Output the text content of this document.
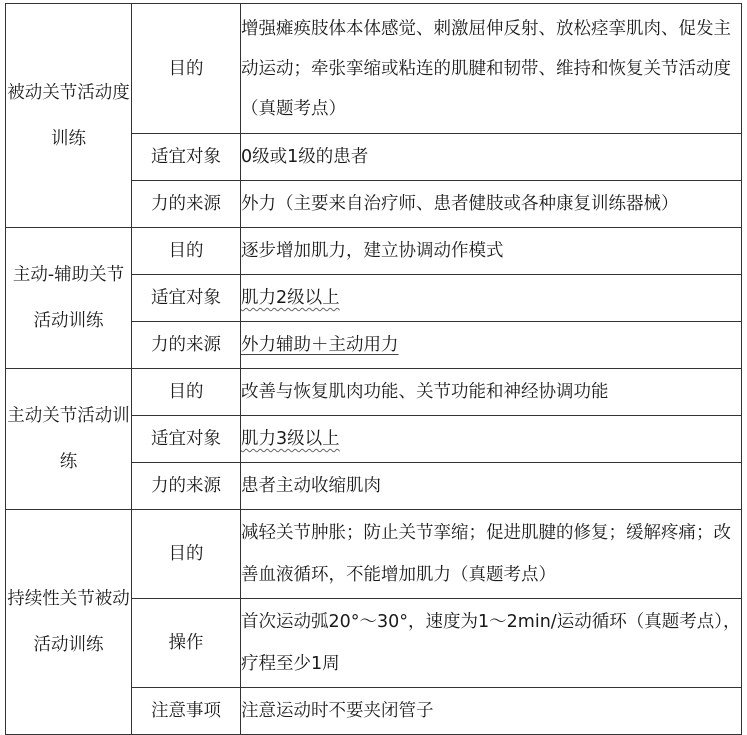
被动关节活动度训练	目的	增强瘫痪肢体本体感觉、刺激屈伸反射、放松痉挛肌肉、促发主动运动；牵张挛缩或粘连的肌腱和韧带、维持和恢复关节活动度（真题考点）
	适宜对象	0级或1级的患者
	力的来源	外力（主要来自治疗师、患者健肢或各种康复训练器械）
主动-辅助关节活动训练	目的	逐步增加肌力，建立协调动作模式
	适宜对象	肌力2级以上
	力的来源	外力辅助＋主动用力
主动关节活动训练	目的	改善与恢复肌肉功能、关节功能和神经协调功能
	适宜对象	肌力3级以上
	力的来源	患者主动收缩肌肉
持续性关节被动活动训练	目的	减轻关节肿胀；防止关节挛缩；促进肌腱的修复；缓解疼痛；改善血液循环，不能增加肌力（真题考点）
	操作	首次运动弧20°～30°，速度为1～2min/运动循环（真题考点），疗程至少1周
	注意事项	注意运动时不要夹闭管子
